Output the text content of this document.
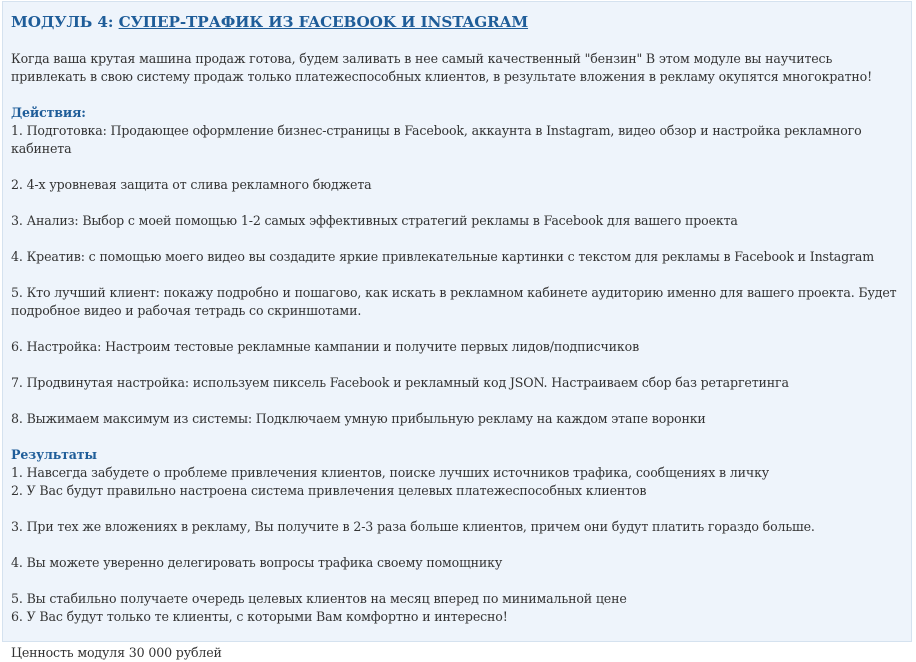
МОДУЛЬ 4: СУПЕР-ТРАФИК ИЗ FACEBOOK И INSTAGRAM

Когда ваша крутая машина продаж готова, будем заливать в нее самый качественный "бензин" В этом модуле вы научитесь привлекать в свою систему продаж только платежеспособных клиентов, в результате вложения в рекламу окупятся многократно!

Действия:

1. Подготовка: Продающее оформление бизнес-страницы в Facebook, аккаунта в Instagram, видео обзор и настройка рекламного кабинета

2. 4-х уровневая защита от слива рекламного бюджета

3. Анализ: Выбор с моей помощью 1-2 самых эффективных стратегий рекламы в Facebook для вашего проекта

4. Креатив: с помощью моего видео вы создадите яркие привлекательные картинки с текстом для рекламы в Facebook и Instagram

5. Кто лучший клиент: покажу подробно и пошагово, как искать в рекламном кабинете аудиторию именно для вашего проекта. Будет подробное видео и рабочая тетрадь со скриншотами.

6. Настройка: Настроим тестовые рекламные кампании и получите первых лидов/подписчиков

7. Продвинутая настройка: используем пиксель Facebook и рекламный код JSON. Настраиваем сбор баз ретаргетинга

8. Выжимаем максимум из системы: Подключаем умную прибыльную рекламу на каждом этапе воронки

Результаты

1. Навсегда забудете о проблеме привлечения клиентов, поиске лучших источников трафика, сообщениях в личку

2. У Вас будут правильно настроена система привлечения целевых платежеспособных клиентов

3. При тех же вложениях в рекламу, Вы получите в 2-3 раза больше клиентов, причем они будут платить гораздо больше.

4. Вы можете уверенно делегировать вопросы трафика своему помощнику

5. Вы стабильно получаете очередь целевых клиентов на месяц вперед по минимальной цене

6. У Вас будут только те клиенты, с которыми Вам комфортно и интересно!

Ценность модуля 30 000 рублей
